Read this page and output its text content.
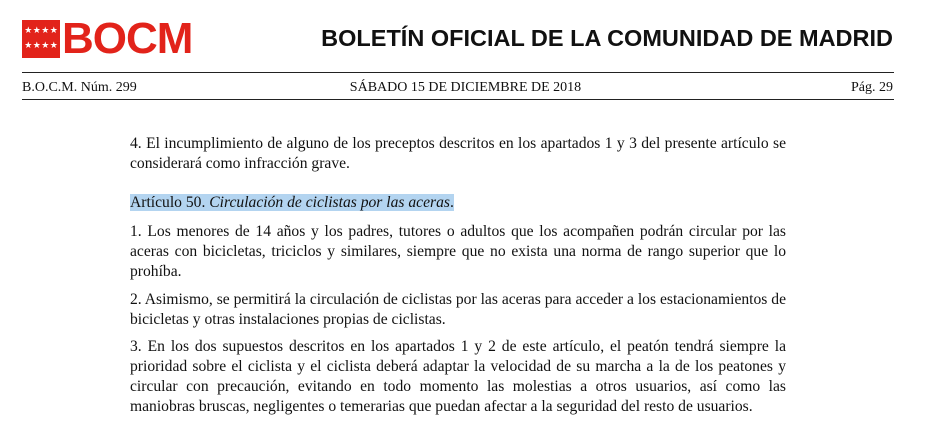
★ ★ ★ ★
★ ★ ★ ★ BOCM	BOLETÍN OFICIAL DE LA COMUNIDAD DE MADRID
B.O.C.M. Núm. 299	SÁBADO 15 DE DICIEMBRE DE 2018	Pág. 29

4. El incumplimiento de alguno de los preceptos descritos en los apartados 1 y 3 del presente artículo se considerará como infracción grave.

Artículo 50. Circulación de ciclistas por las aceras.

1. Los menores de 14 años y los padres, tutores o adultos que los acompañen podrán circular por las aceras con bicicletas, triciclos y similares, siempre que no exista una norma de rango superior que lo prohíba.

2. Asimismo, se permitirá la circulación de ciclistas por las aceras para acceder a los estacionamientos de bicicletas y otras instalaciones propias de ciclistas.

3. En los dos supuestos descritos en los apartados 1 y 2 de este artículo, el peatón tendrá siempre la prioridad sobre el ciclista y el ciclista deberá adaptar la velocidad de su marcha a la de los peatones y circular con precaución, evitando en todo momento las molestias a otros usuarios, así como las maniobras bruscas, negligentes o temerarias que puedan afectar a la seguridad del resto de usuarios.
